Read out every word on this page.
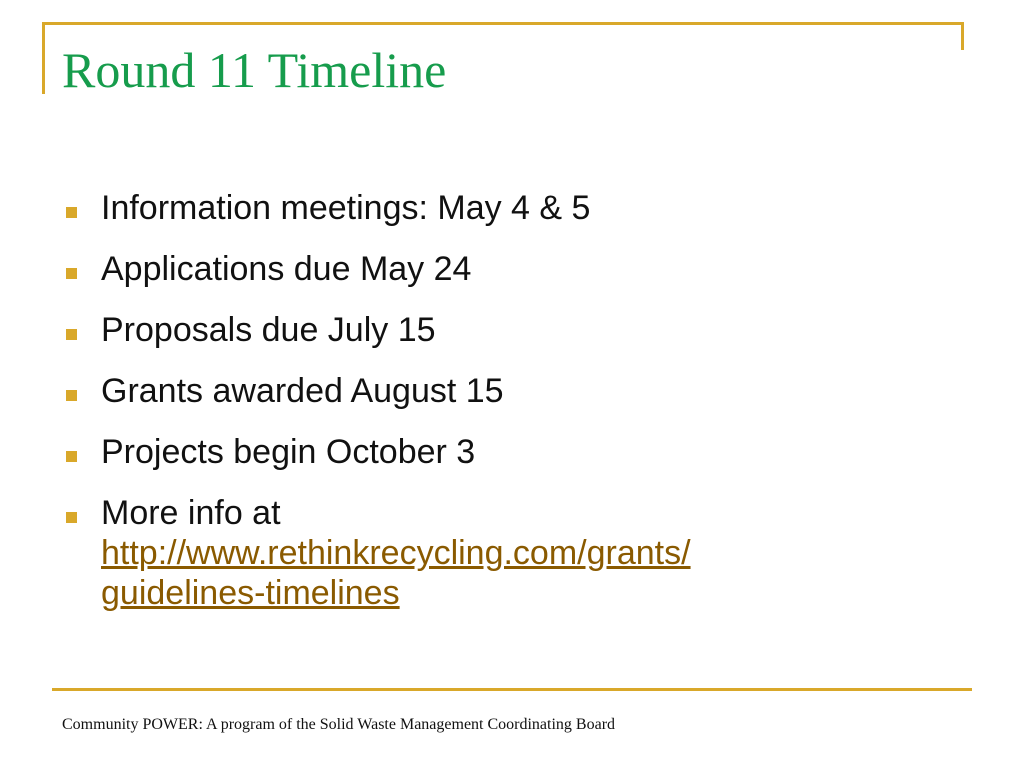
Round 11 Timeline
Information meetings: May 4 & 5
Applications due May 24
Proposals due July 15
Grants awarded August 15
Projects begin October 3
More info at
http://www.rethinkrecycling.com/grants/
guidelines-timelines

Community POWER: A program of the Solid Waste Management Coordinating Board
